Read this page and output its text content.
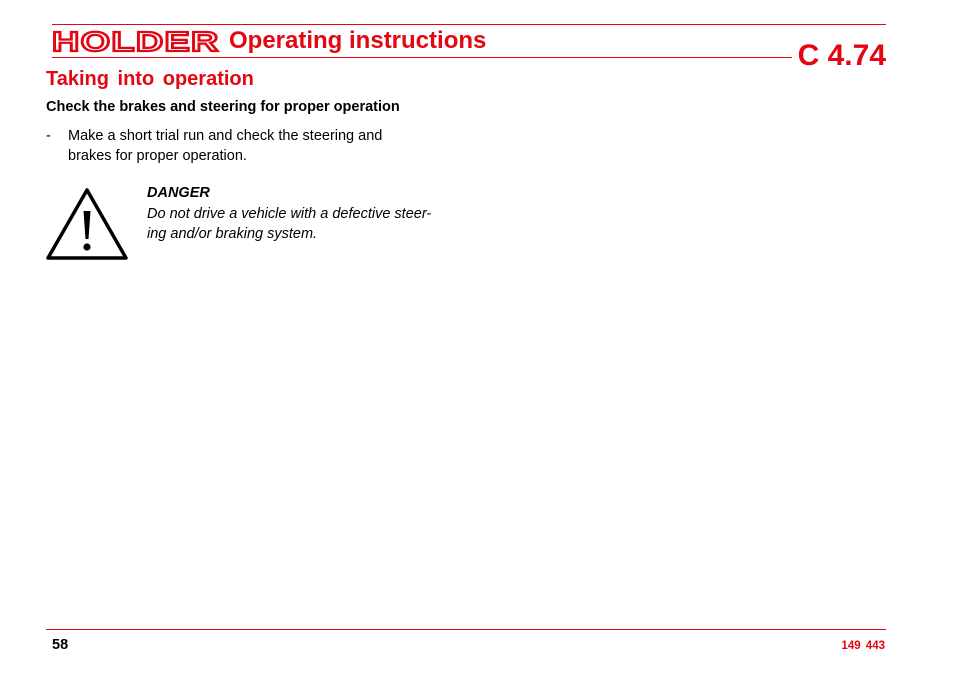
HOLDER Operating instructions	C 4.74
Taking into operation
Check the brakes and steering for proper operation
- Make a short trial run and check the steering and
brakes for proper operation.

DANGER

Do not drive a vehicle with a defective steer-
ing and/or braking system.

58	149 443
